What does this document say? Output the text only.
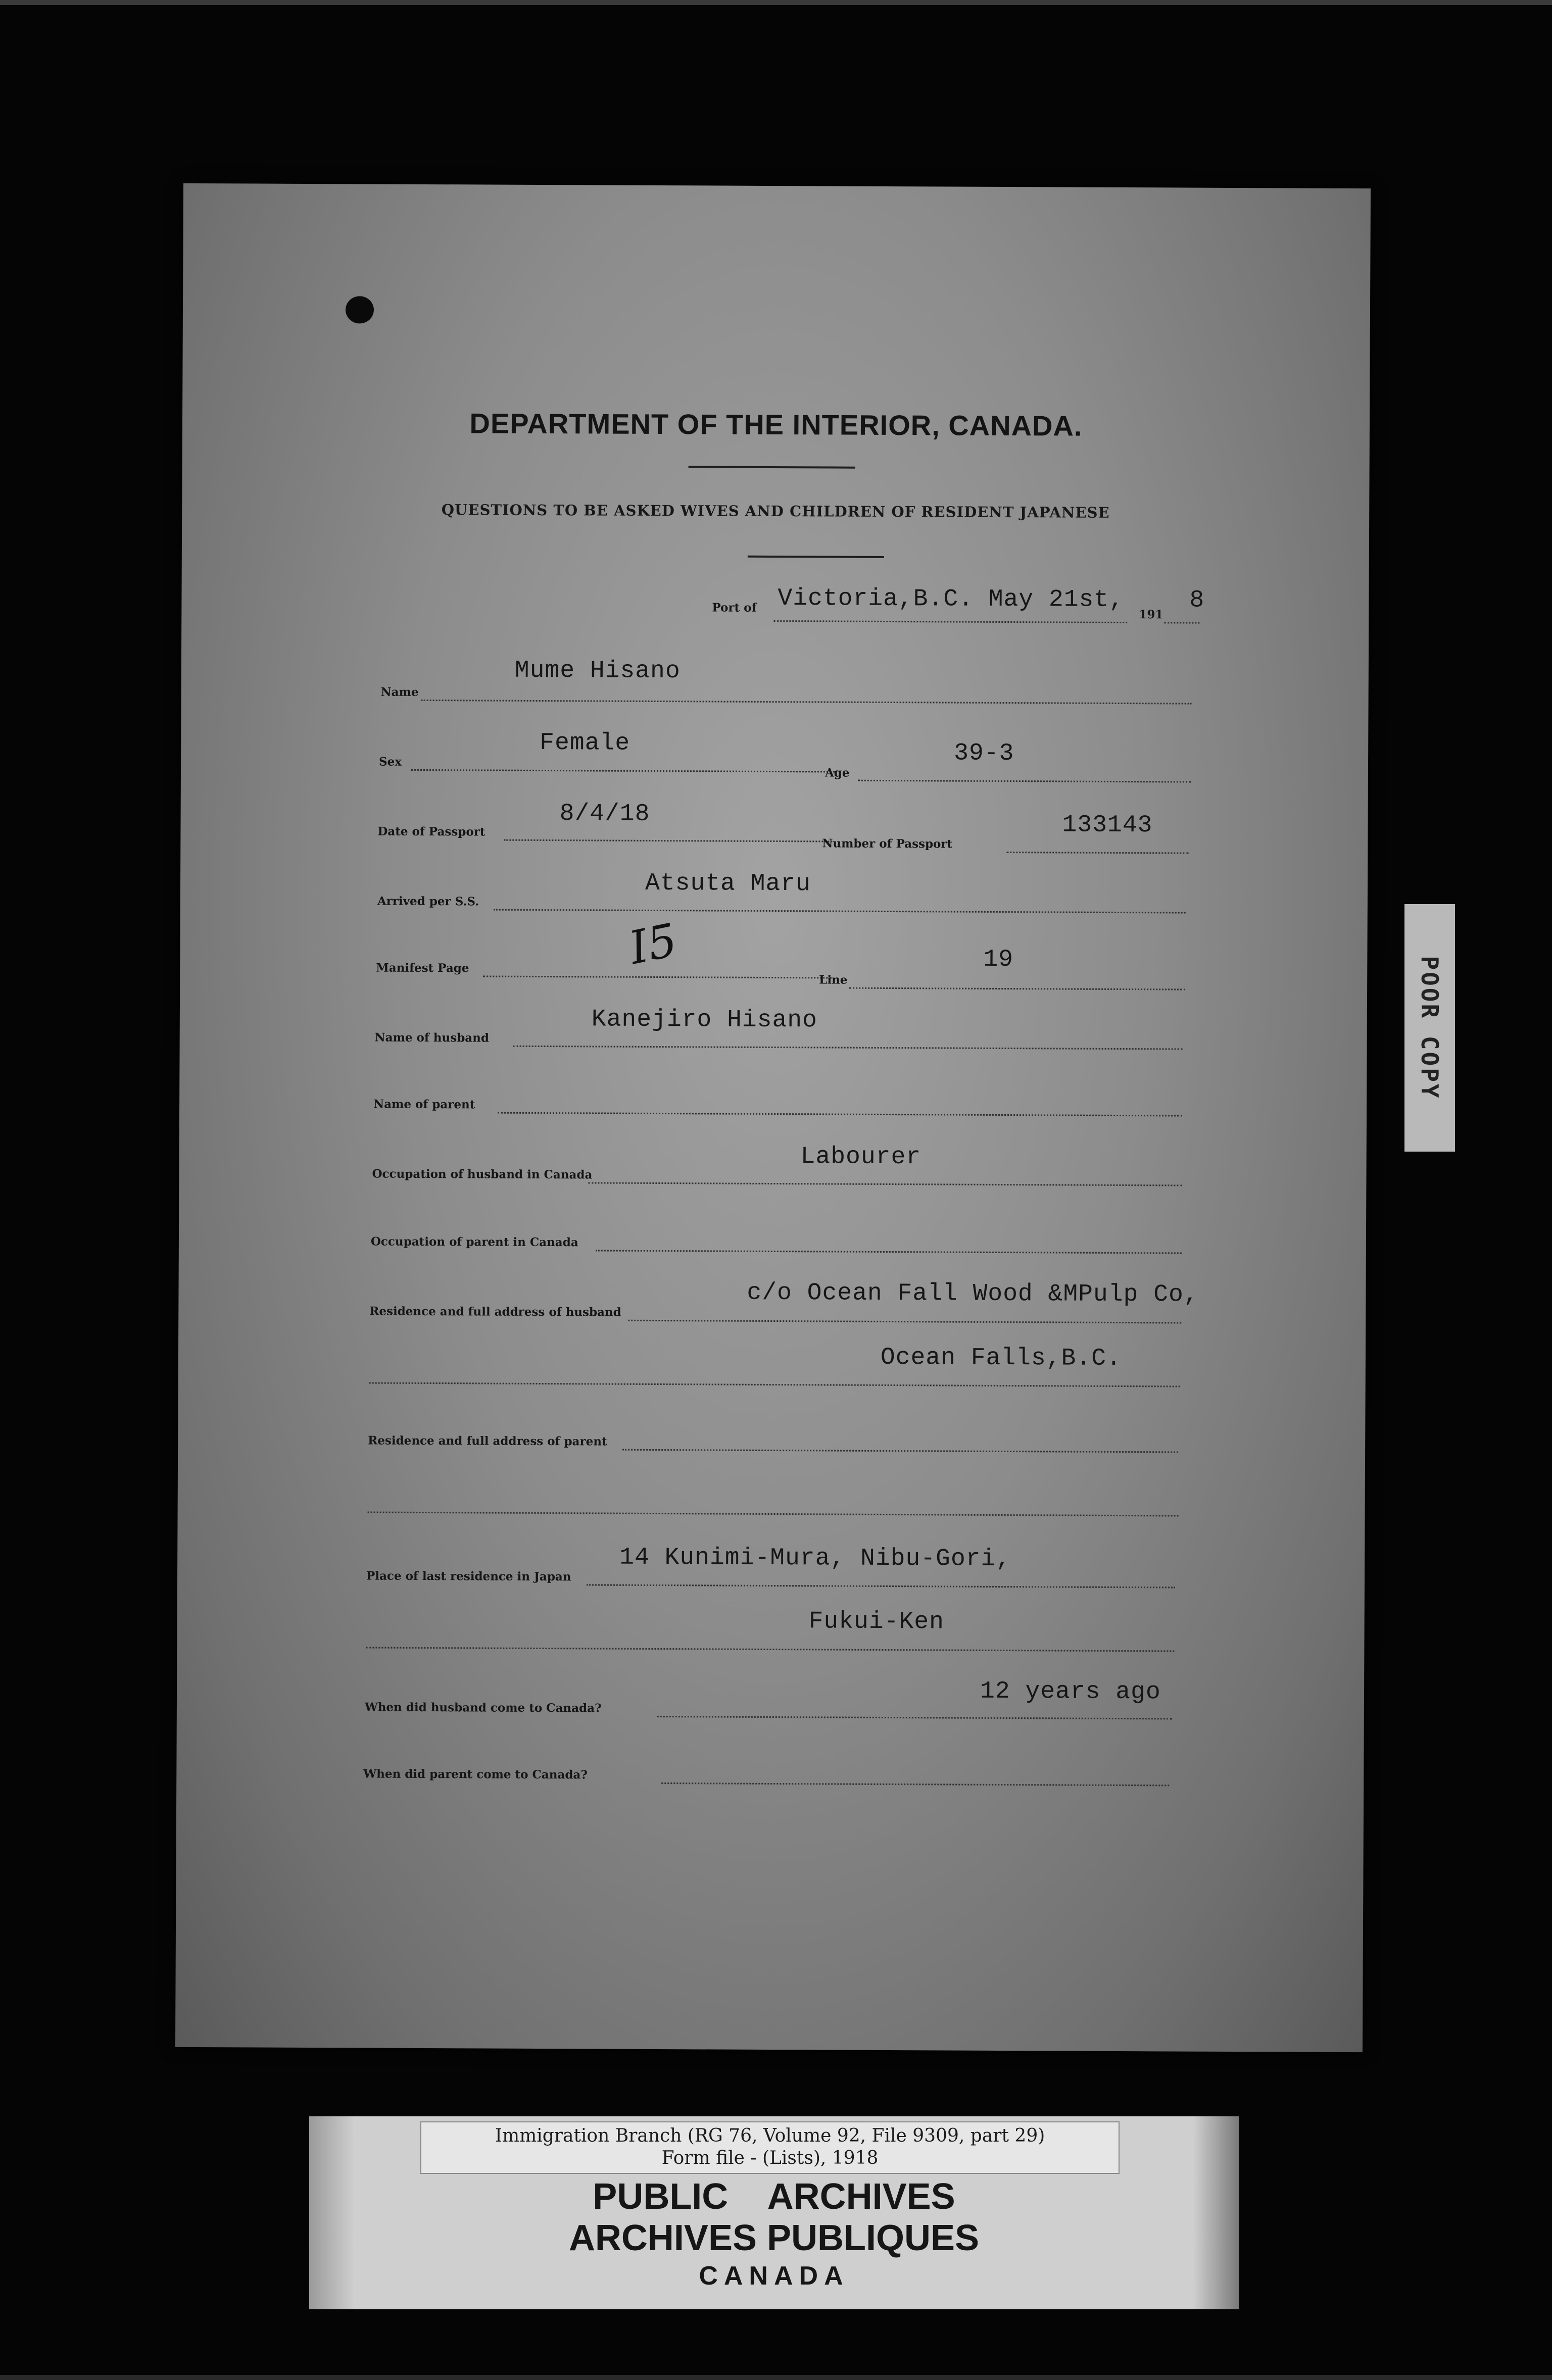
DEPARTMENT OF THE INTERIOR, CANADA.
QUESTIONS TO BE ASKED WIVES AND CHILDREN OF RESIDENT JAPANESE
Port of Victoria,B.C. May 21st,
191
8
Name
Mume Hisano
Sex
Female
Age
39-3
Date of Passport
8/4/18
Number of Passport
133143
Arrived per S.S.
Atsuta Maru
Manifest Page	I5
Line
19
Name of husband
Kanejiro Hisano
Name of parent
Occupation of husband in Canada
Labourer
Occupation of parent in Canada
Residence and full address of husband
c/o Ocean Fall Wood &MPulp Co,
Ocean Falls,B.C.
Residence and full address of parent
Place of last residence in Japan
14 Kunimi-Mura, Nibu-Gori,
Fukui-Ken
When did husband come to Canada?
12 years ago
When did parent come to Canada?
POOR COPY
Immigration Branch (RG 76, Volume 92, File 9309, part 29)
Form file - (Lists), 1918
PUBLIC ARCHIVES
ARCHIVES PUBLIQUES
CANADA
